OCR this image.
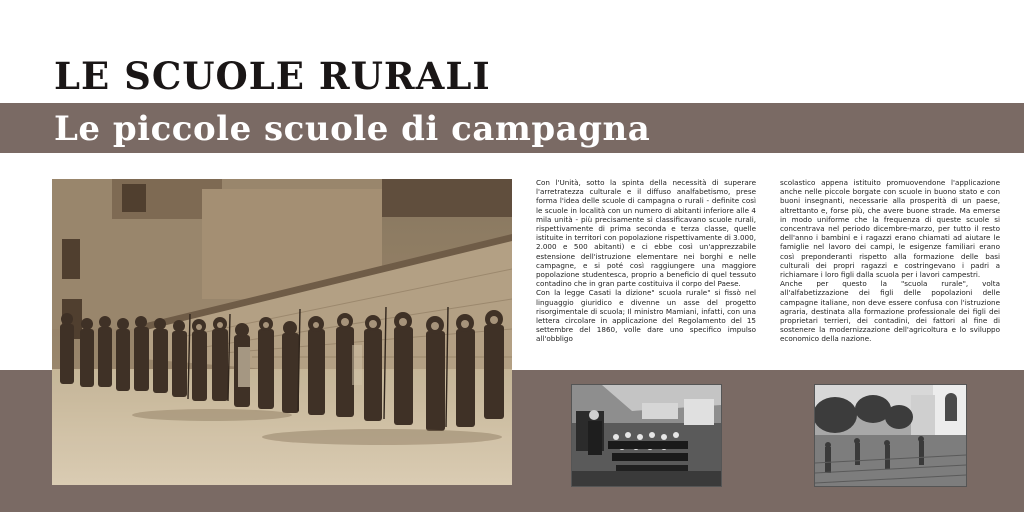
LE SCUOLE RURALI
Le piccole scuole di campagna

Con l'Unità, sotto la spinta della necessità di superare l'arretratezza culturale e il diffuso analfabetismo, prese forma l'idea delle scuole di campagna o rurali - definite così le scuole in località con un numero di abitanti inferiore alle 4 mila unità - più precisamente si classificavano scuole rurali, rispettivamente di prima seconda e terza classe, quelle istituite in territori con popolazione rispettivamente di 3.000, 2.000 e 500 abitanti) e ci ebbe così un'apprezzabile estensione dell'istruzione elementare nei borghi e nelle campagne, e si poté così raggiungere una maggiore popolazione studentesca, proprio a beneficio di quel tessuto contadino che in gran parte costituiva il corpo del Paese.

Con la legge Casati la dizione" scuola rurale" si fissò nel linguaggio giuridico e divenne un asse del progetto risorgimentale di scuola; Il ministro Mamiani, infatti, con una lettera circolare in applicazione del Regolamento del 15 settembre del 1860, volle dare uno specifico impulso all'obbligo

scolastico appena istituito promuovendone l'applicazione anche nelle piccole borgate con scuole in buono stato e con buoni insegnanti, necessarie alla prosperità di un paese, altrettanto e, forse più, che avere buone strade. Ma emerse in modo uniforme che la frequenza di queste scuole si concentrava nel periodo dicembre-marzo, per tutto il resto dell'anno i bambini e i ragazzi erano chiamati ad aiutare le famiglie nel lavoro dei campi, le esigenze familiari erano così preponderanti rispetto alla formazione delle basi culturali dei propri ragazzi e costringevano i padri a richiamare i loro figli dalla scuola per i lavori campestri.

Anche per questo la "scuola rurale", volta all'alfabetizzazione dei figli delle popolazioni delle campagne italiane, non deve essere confusa con l'istruzione agraria, destinata alla formazione professionale dei figli dei proprietari terrieri, dei contadini, dei fattori al fine di sostenere la modernizzazione dell'agricoltura e lo sviluppo economico della nazione.
